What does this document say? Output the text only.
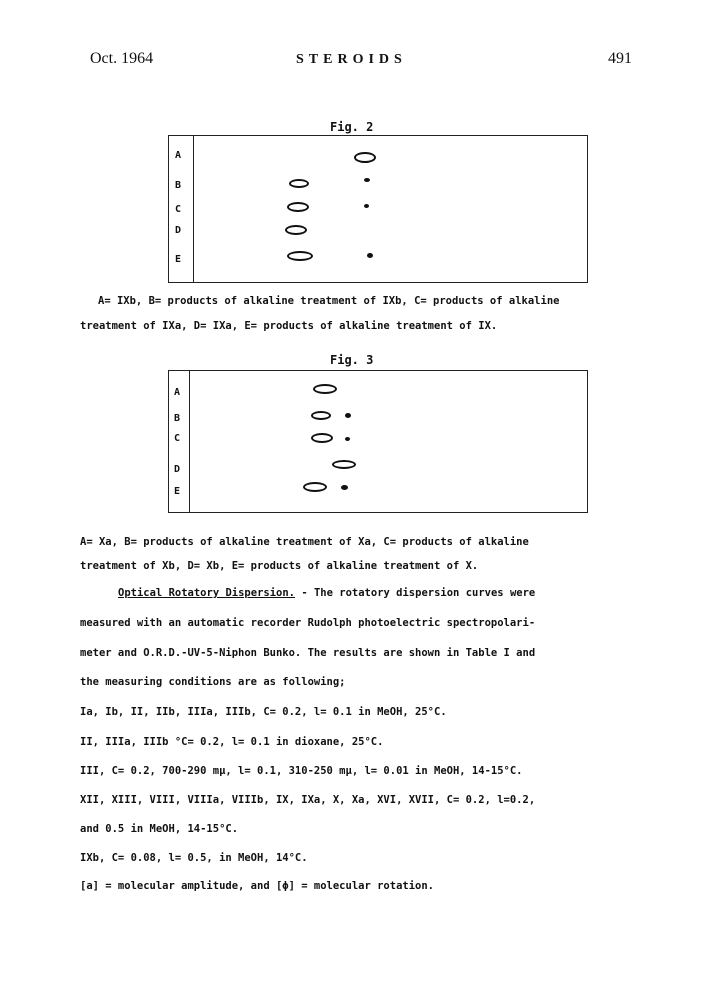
Oct. 1964	STEROIDS	491
Fig. 2
A
B
C
D
E
A= IXb, B= products of alkaline treatment of IXb, C= products of alkaline
treatment of IXa, D= IXa, E= products of alkaline treatment of IX.
Fig. 3
A
B
C
D
E
A= Xa, B= products of alkaline treatment of Xa, C= products of alkaline
treatment of Xb, D= Xb, E= products of alkaline treatment of X.
Optical Rotatory Dispersion. - The rotatory dispersion curves were
measured with an automatic recorder Rudolph photoelectric spectropolari-
meter and O.R.D.-UV-5-Niphon Bunko. The results are shown in Table I and
the measuring conditions are as following;
Ia, Ib, II, IIb, IIIa, IIIb, C= 0.2, l= 0.1 in MeOH, 25°C.
II, IIIa, IIIb °C= 0.2, l= 0.1 in dioxane, 25°C.
III, C= 0.2, 700-290 mμ, l= 0.1, 310-250 mμ, l= 0.01 in MeOH, 14-15°C.
XII, XIII, VIII, VIIIa, VIIIb, IX, IXa, X, Xa, XVI, XVII, C= 0.2, l=0.2,
and 0.5 in MeOH, 14-15°C.
IXb, C= 0.08, l= 0.5, in MeOH, 14°C.
[a] = molecular amplitude, and [ϕ] = molecular rotation.
